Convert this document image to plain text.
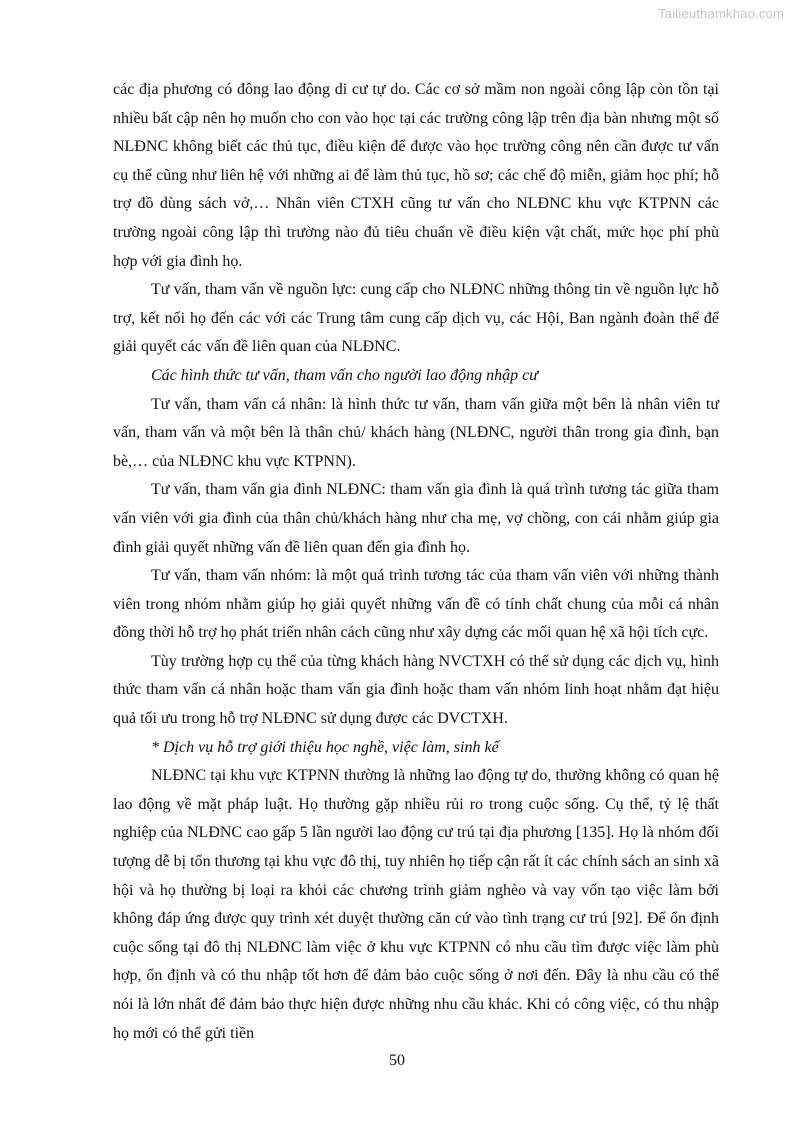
Tailieuthamkhao.com

các địa phương có đông lao động di cư tự do. Các cơ sở mầm non ngoài công lập còn tồn tại nhiều bất cập nên họ muốn cho con vào học tại các trường công lập trên địa bàn nhưng một số NLĐNC không biết các thủ tục, điều kiện để được vào học trường công nên cần được tư vấn cụ thể cũng như liên hệ với những ai để làm thủ tục, hồ sơ; các chế độ miễn, giảm học phí; hỗ trợ đồ dùng sách vở,… Nhân viên CTXH cũng tư vấn cho NLĐNC khu vực KTPNN các trường ngoài công lập thì trường nào đủ tiêu chuẩn về điều kiện vật chất, mức học phí phù hợp với gia đình họ.

Tư vấn, tham vấn về nguồn lực: cung cấp cho NLĐNC những thông tin về nguồn lực hỗ trợ, kết nối họ đến các với các Trung tâm cung cấp dịch vụ, các Hội, Ban ngành đoàn thể để giải quyết các vấn đề liên quan của NLĐNC.

Các hình thức tư vấn, tham vấn cho người lao động nhập cư

Tư vấn, tham vấn cá nhân: là hình thức tư vấn, tham vấn giữa một bên là nhân viên tư vấn, tham vấn và một bên là thân chủ/ khách hàng (NLĐNC, người thân trong gia đình, bạn bè,… của NLĐNC khu vực KTPNN).

Tư vấn, tham vấn gia đình NLĐNC: tham vấn gia đình là quá trình tương tác giữa tham vấn viên với gia đình của thân chủ/khách hàng như cha mẹ, vợ chồng, con cái nhằm giúp gia đình giải quyết những vấn đề liên quan đến gia đình họ.

Tư vấn, tham vấn nhóm: là một quá trình tương tác của tham vấn viên với những thành viên trong nhóm nhằm giúp họ giải quyết những vấn đề có tính chất chung của mỗi cá nhân đồng thời hỗ trợ họ phát triển nhân cách cũng như xây dựng các mối quan hệ xã hội tích cực.

Tùy trường hợp cụ thể của từng khách hàng NVCTXH có thể sử dụng các dịch vụ, hình thức tham vấn cá nhân hoặc tham vấn gia đình hoặc tham vấn nhóm linh hoạt nhằm đạt hiệu quả tối ưu trong hỗ trợ NLĐNC sử dụng được các DVCTXH.

* Dịch vụ hỗ trợ giới thiệu học nghề, việc làm, sinh kế

NLĐNC tại khu vực KTPNN thường là những lao động tự do, thường không có quan hệ lao động về mặt pháp luật. Họ thường gặp nhiều rủi ro trong cuộc sống. Cụ thể, tỷ lệ thất nghiệp của NLĐNC cao gấp 5 lần người lao động cư trú tại địa phương [135]. Họ là nhóm đối tượng dễ bị tổn thương tại khu vực đô thị, tuy nhiên họ tiếp cận rất ít các chính sách an sinh xã hội và họ thường bị loại ra khỏi các chương trình giảm nghèo và vay vốn tạo việc làm bởi không đáp ứng được quy trình xét duyệt thường căn cứ vào tình trạng cư trú [92]. Để ổn định cuộc sống tại đô thị NLĐNC làm việc ở khu vực KTPNN có nhu cầu tìm được việc làm phù hợp, ổn định và có thu nhập tốt hơn để đảm bảo cuộc sống ở nơi đến. Đây là nhu cầu có thể nói là lớn nhất để đảm bảo thực hiện được những nhu cầu khác. Khi có công việc, có thu nhập họ mới có thể gửi tiền

50
